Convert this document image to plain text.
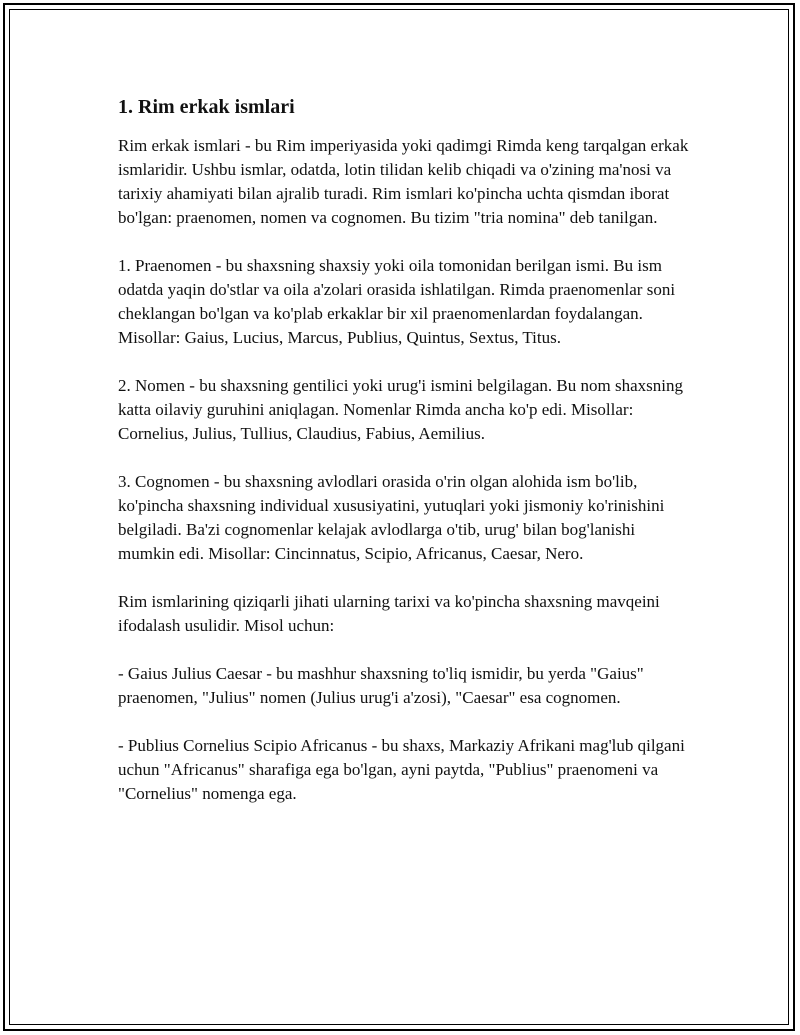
1. Rim erkak ismlari

Rim erkak ismlari - bu Rim imperiyasida yoki qadimgi Rimda keng tarqalgan erkak ismlaridir. Ushbu ismlar, odatda, lotin tilidan kelib chiqadi va o'zining ma'nosi va tarixiy ahamiyati bilan ajralib turadi. Rim ismlari ko'pincha uchta qismdan iborat bo'lgan: praenomen, nomen va cognomen. Bu tizim "tria nomina" deb tanilgan.

1. Praenomen - bu shaxsning shaxsiy yoki oila tomonidan berilgan ismi. Bu ism odatda yaqin do'stlar va oila a'zolari orasida ishlatilgan. Rimda praenomenlar soni cheklangan bo'lgan va ko'plab erkaklar bir xil praenomenlardan foydalangan. Misollar: Gaius, Lucius, Marcus, Publius, Quintus, Sextus, Titus.

2. Nomen - bu shaxsning gentilici yoki urug'i ismini belgilagan. Bu nom shaxsning katta oilaviy guruhini aniqlagan. Nomenlar Rimda ancha ko'p edi. Misollar: Cornelius, Julius, Tullius, Claudius, Fabius, Aemilius.

3. Cognomen - bu shaxsning avlodlari orasida o'rin olgan alohida ism bo'lib, ko'pincha shaxsning individual xususiyatini, yutuqlari yoki jismoniy ko'rinishini belgiladi. Ba'zi cognomenlar kelajak avlodlarga o'tib, urug' bilan bog'lanishi mumkin edi. Misollar: Cincinnatus, Scipio, Africanus, Caesar, Nero.

Rim ismlarining qiziqarli jihati ularning tarixi va ko'pincha shaxsning mavqeini ifodalash usulidir. Misol uchun:

- Gaius Julius Caesar - bu mashhur shaxsning to'liq ismidir, bu yerda "Gaius" praenomen, "Julius" nomen (Julius urug'i a'zosi), "Caesar" esa cognomen.

- Publius Cornelius Scipio Africanus - bu shaxs, Markaziy Afrikani mag'lub qilgani uchun "Africanus" sharafiga ega bo'lgan, ayni paytda, "Publius" praenomeni va "Cornelius" nomenga ega.
